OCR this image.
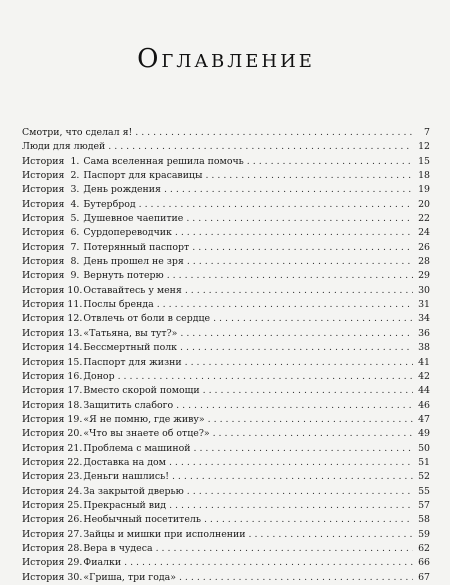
Оглавление
Смотри, что сделал я! . . .	7
Люди для людей . . .	12
История 1. Сама вселенная решила помочь . . .	15
История 2. Паспорт для красавицы . . .	18
История 3. День рождения . . .	19
История 4. Бутерброд . . .	20
История 5. Душевное чаепитие . . .	22
История 6. Сурдопереводчик . . .	24
История 7. Потерянный паспорт . . .	26
История 8. День прошел не зря . . .	28
История 9. Вернуть потерю . . .	29
История 10.Оставайтесь у меня . . .	30
История 11.Послы бренда . . .	31
История 12.Отвлечь от боли в сердце . . .	34
История 13.«Татьяна, вы тут?» . . .	36
История 14.Бессмертный полк . . .	38
История 15.Паспорт для жизни . . .	41
История 16.Донор . . .	42
История 17.Вместо скорой помощи . . .	44
История 18.Защитить слабого . . .	46
История 19.«Я не помню, где живу» . . .	47
История 20.«Что вы знаете об отце?» . . .	49
История 21.Проблема с машиной . . .	50
История 22.Доставка на дом . . .	51
История 23.Деньги нашлись! . . .	52
История 24.За закрытой дверью . . .	55
История 25.Прекрасный вид . . .	57
История 26.Необычный посетитель . . .	58
История 27.Зайцы и мишки при исполнении . . .	59
История 28.Вера в чудеса . . .	62
История 29.Фиалки . . .	66
История 30.«Гриша, три года» . . .	67
